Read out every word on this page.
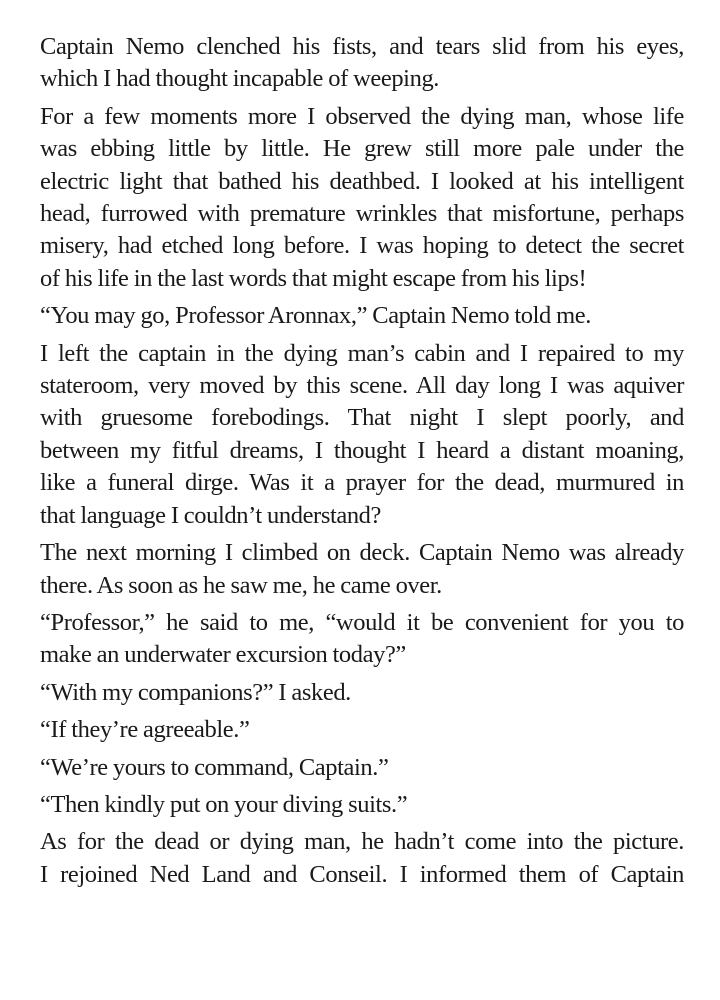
Captain Nemo clenched his fists, and tears slid from his eyes,
which I had thought incapable of weeping.

For a few moments more I observed the dying man, whose life
was ebbing little by little. He grew still more pale under the
electric light that bathed his deathbed. I looked at his intelligent
head, furrowed with premature wrinkles that misfortune, perhaps
misery, had etched long before. I was hoping to detect the secret
of his life in the last words that might escape from his lips!

“You may go, Professor Aronnax,” Captain Nemo told me.

I left the captain in the dying man’s cabin and I repaired to my
stateroom, very moved by this scene. All day long I was aquiver
with gruesome forebodings. That night I slept poorly, and
between my fitful dreams, I thought I heard a distant moaning,
like a funeral dirge. Was it a prayer for the dead, murmured in
that language I couldn’t understand?

The next morning I climbed on deck. Captain Nemo was already
there. As soon as he saw me, he came over.

“Professor,” he said to me, “would it be convenient for you to
make an underwater excursion today?”

“With my companions?” I asked.

“If they’re agreeable.”

“We’re yours to command, Captain.”

“Then kindly put on your diving suits.”

As for the dead or dying man, he hadn’t come into the picture.
I rejoined Ned Land and Conseil. I informed them of Captain
